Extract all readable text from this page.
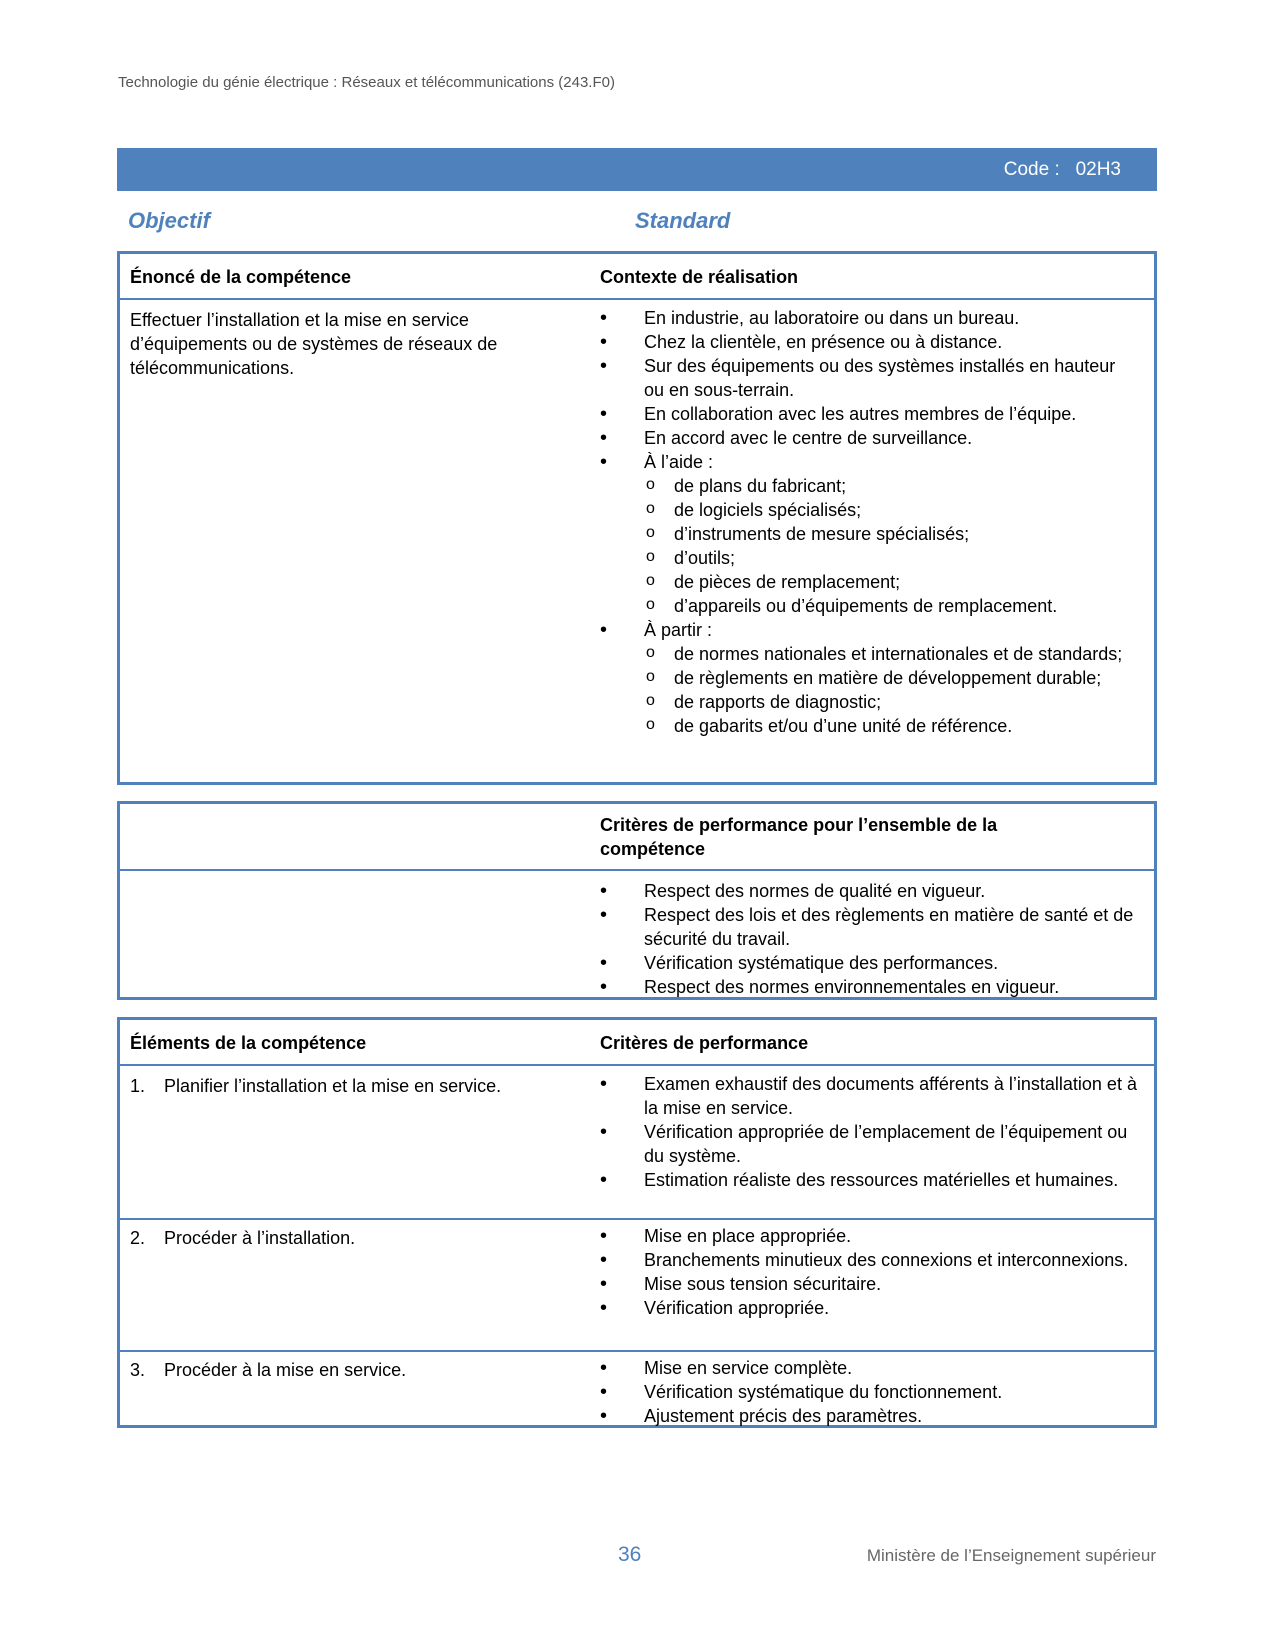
Technologie du génie électrique : Réseaux et télécommunications (243.F0)
Code : 02H3
Objectif	Standard
Énoncé de la compétence	Contexte de réalisation
Effectuer l’installation et la mise en service d’équipements ou de systèmes de réseaux de télécommunications.
• En industrie, au laboratoire ou dans un bureau.
• Chez la clientèle, en présence ou à distance.
• Sur des équipements ou des systèmes installés en hauteur ou en sous-terrain.
• En collaboration avec les autres membres de l’équipe.
• En accord avec le centre de surveillance.
• À l’aide :
o de plans du fabricant;
o de logiciels spécialisés;
o d’instruments de mesure spécialisés;
o d’outils;
o de pièces de remplacement;
o d’appareils ou d’équipements de remplacement.
• À partir :
o de normes nationales et internationales et de standards;
o de règlements en matière de développement durable;
o de rapports de diagnostic;
o de gabarits et/ou d’une unité de référence.
Critères de performance pour l’ensemble de la compétence
• Respect des normes de qualité en vigueur.
• Respect des lois et des règlements en matière de santé et de sécurité du travail.
• Vérification systématique des performances.
• Respect des normes environnementales en vigueur.
Éléments de la compétence	Critères de performance
1. Planifier l’installation et la mise en service.	• Examen exhaustif des documents afférents à l’installation et à la mise en service.
• Vérification appropriée de l’emplacement de l’équipement ou du système.
• Estimation réaliste des ressources matérielles et humaines.
2. Procéder à l’installation.	• Mise en place appropriée.
• Branchements minutieux des connexions et interconnexions.
• Mise sous tension sécuritaire.
• Vérification appropriée.
3. Procéder à la mise en service.	• Mise en service complète.
• Vérification systématique du fonctionnement.
• Ajustement précis des paramètres.
36	Ministère de l’Enseignement supérieur
